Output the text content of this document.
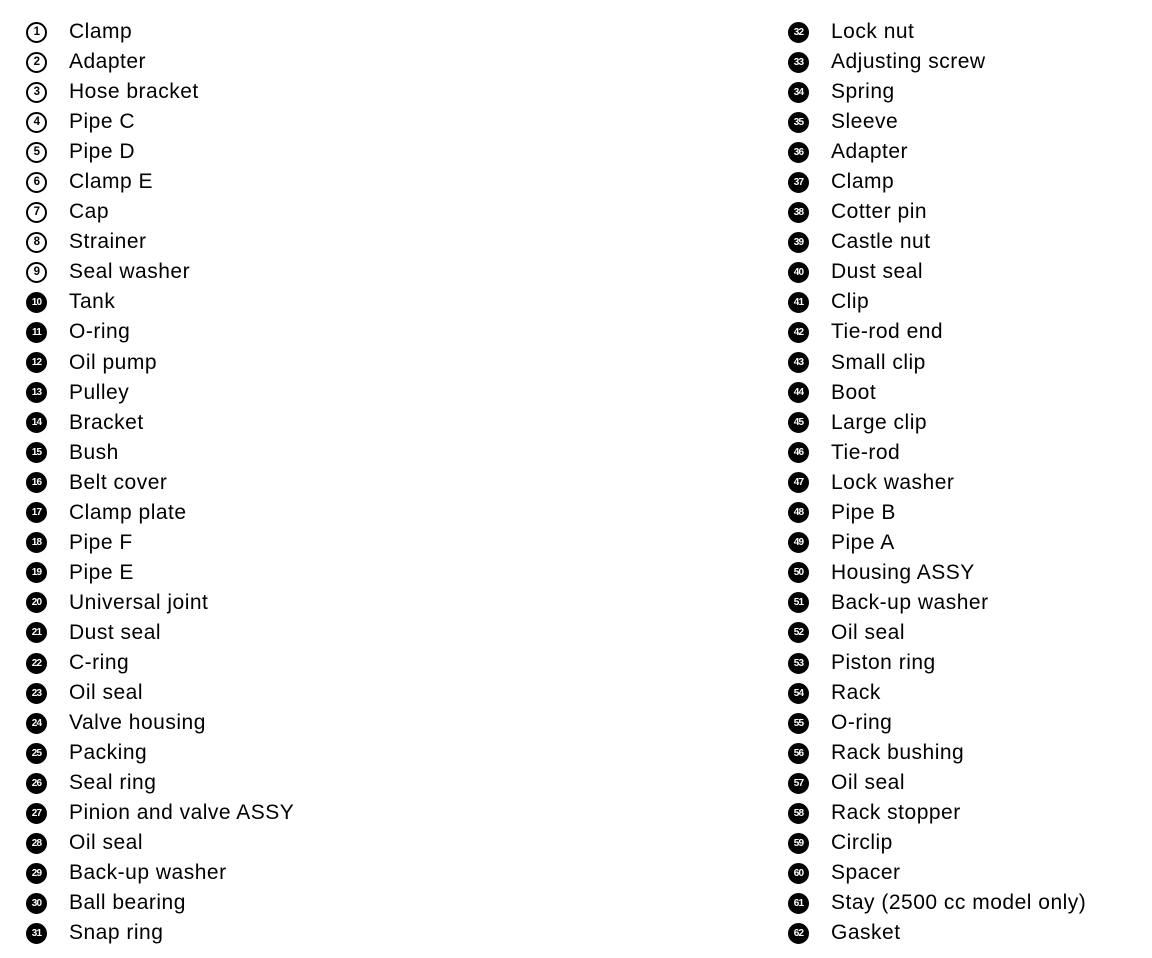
1	Clamp
2	Adapter
3	Hose bracket
4	Pipe C
5	Pipe D
6	Clamp E
7	Cap
8	Strainer
9	Seal washer
10 Tank
11 O-ring
12 Oil pump
13 Pulley
14 Bracket
15 Bush
16 Belt cover
17 Clamp plate
18 Pipe F
19 Pipe E
20 Universal joint
21 Dust seal
22 C-ring
23 Oil seal
24 Valve housing
25 Packing
26 Seal ring
27 Pinion and valve ASSY
28 Oil seal
29 Back-up washer
30 Ball bearing
31 Snap ring
32 Lock nut
33 Adjusting screw
34 Spring
35 Sleeve
36 Adapter
37 Clamp
38 Cotter pin
39 Castle nut
40 Dust seal
41 Clip
42 Tie-rod end
43 Small clip
44 Boot
45 Large clip
46 Tie-rod
47 Lock washer
48 Pipe B
49 Pipe A
50 Housing ASSY
51 Back-up washer
52 Oil seal
53 Piston ring
54 Rack
55 O-ring
56 Rack bushing
57 Oil seal
58 Rack stopper
59 Circlip
60 Spacer
61 Stay (2500 cc model only)
62 Gasket
